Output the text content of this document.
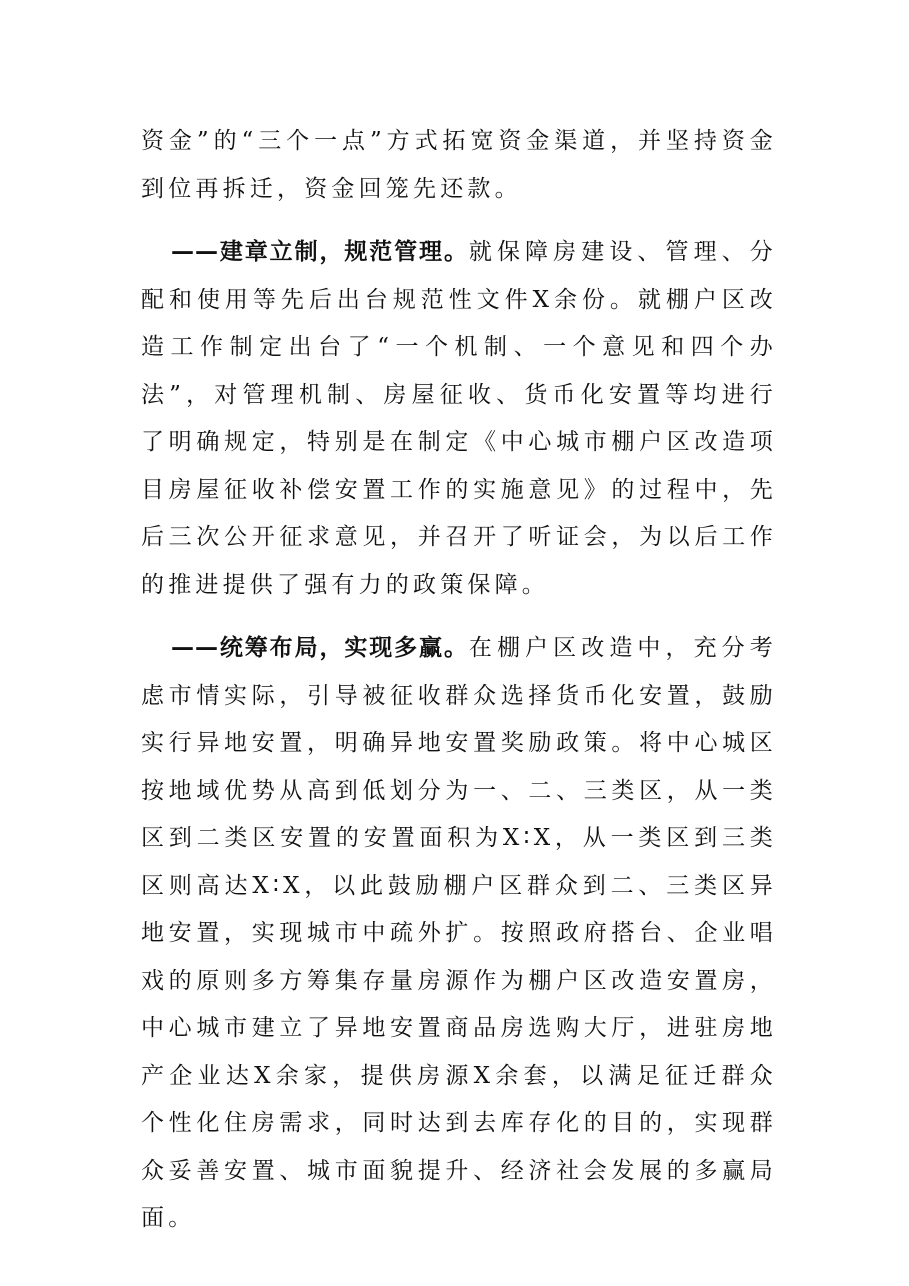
资金”的“三个一点”方式拓宽资金渠道，并坚持资金到位再拆迁，资金回笼先还款。

——建章立制，规范管理。就保障房建设、管理、分配和使用等先后出台规范性文件X余份。就棚户区改造工作制定出台了“一个机制、一个意见和四个办法”，对管理机制、房屋征收、货币化安置等均进行了明确规定，特别是在制定《中心城市棚户区改造项目房屋征收补偿安置工作的实施意见》的过程中，先后三次公开征求意见，并召开了听证会，为以后工作的推进提供了强有力的政策保障。

——统筹布局，实现多赢。在棚户区改造中，充分考虑市情实际，引导被征收群众选择货币化安置，鼓励实行异地安置，明确异地安置奖励政策。将中心城区按地域优势从高到低划分为一、二、三类区，从一类区到二类区安置的安置面积为X∶X，从一类区到三类区则高达X∶X，以此鼓励棚户区群众到二、三类区异地安置，实现城市中疏外扩。按照政府搭台、企业唱戏的原则多方筹集存量房源作为棚户区改造安置房，中心城市建立了异地安置商品房选购大厅，进驻房地产企业达X余家，提供房源X余套，以满足征迁群众个性化住房需求，同时达到去库存化的目的，实现群众妥善安置、城市面貌提升、经济社会发展的多赢局面。
